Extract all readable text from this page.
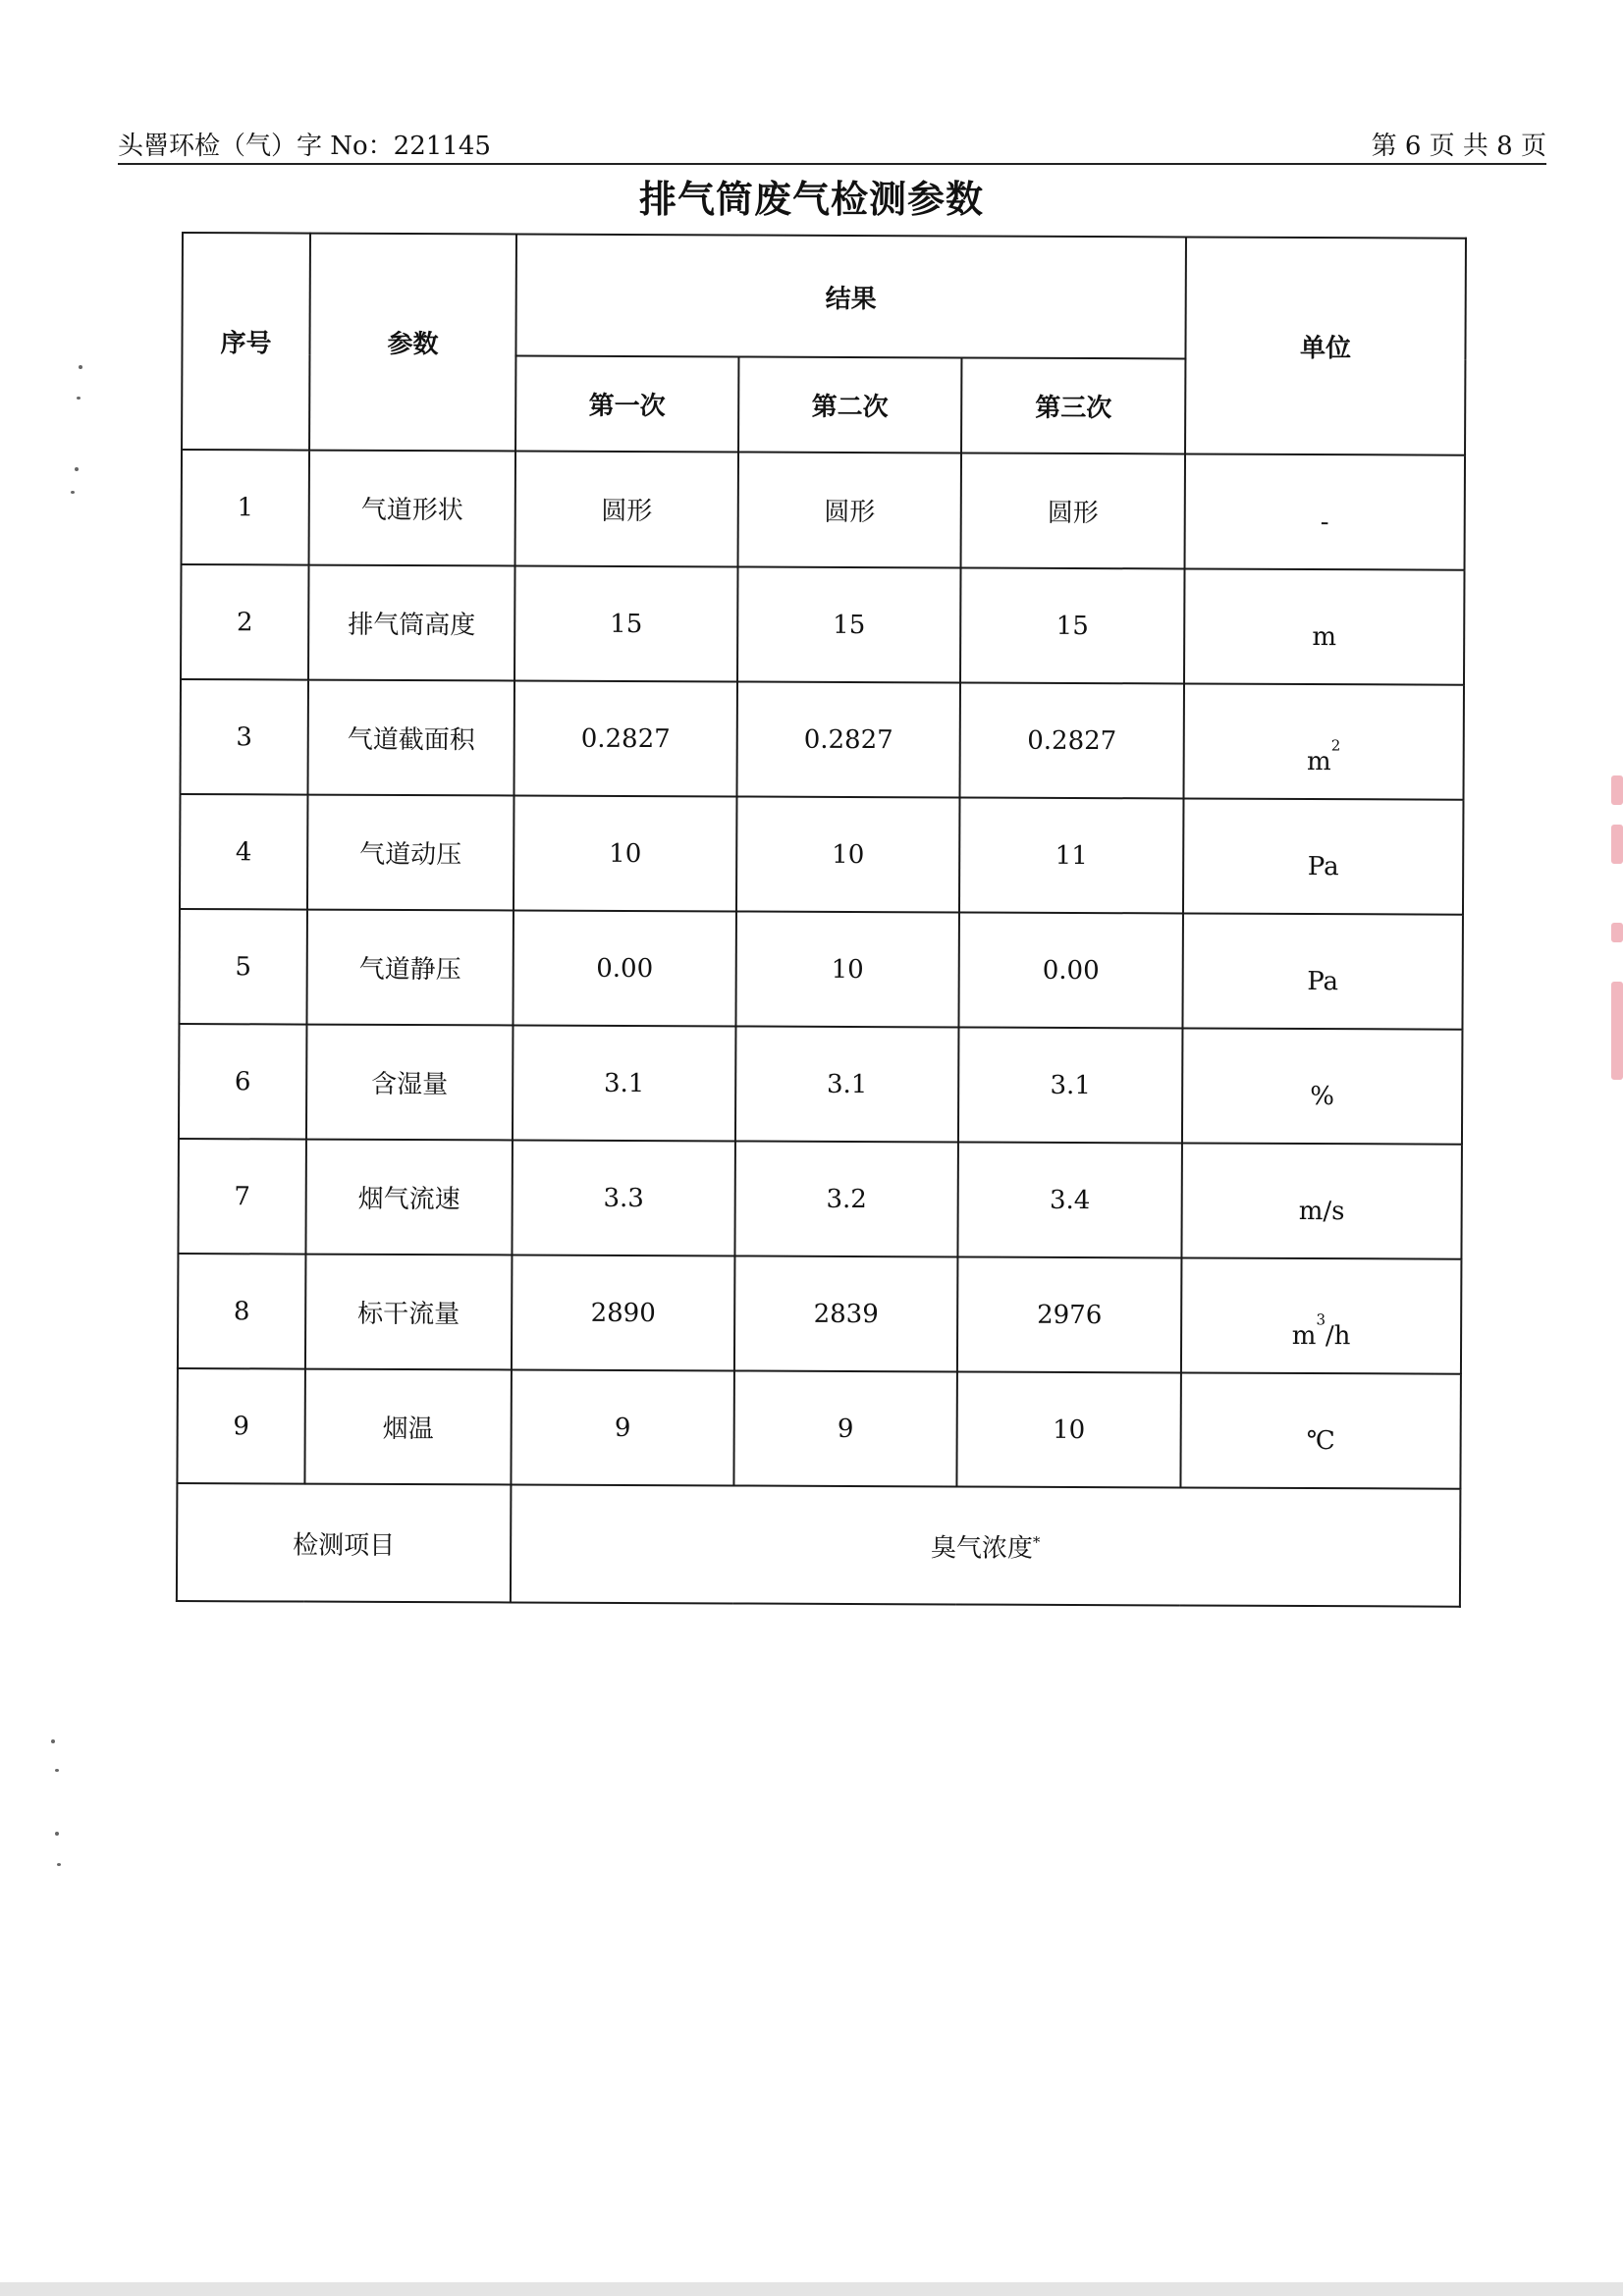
头罾环检（气）字 No：221145	第 6 页 共 8 页
排气筒废气检测参数
序号	参数	结果			单位
		第一次	第二次	第三次	
1	气道形状	圆形	圆形	圆形	-
2	排气筒高度	15	15	15	m
3	气道截面积	0.2827	0.2827	0.2827	$m^2$
4	气道动压	10	10	11	Pa
5	气道静压	0.00	10	0.00	Pa
6	含湿量	3.1	3.1	3.1	%
7	烟气流速	3.3	3.2	3.4	m/s
8	标干流量	2890	2839	2976	$m^3/h$
9	烟温	9	9	10	℃
检测项目		臭气浓度*
